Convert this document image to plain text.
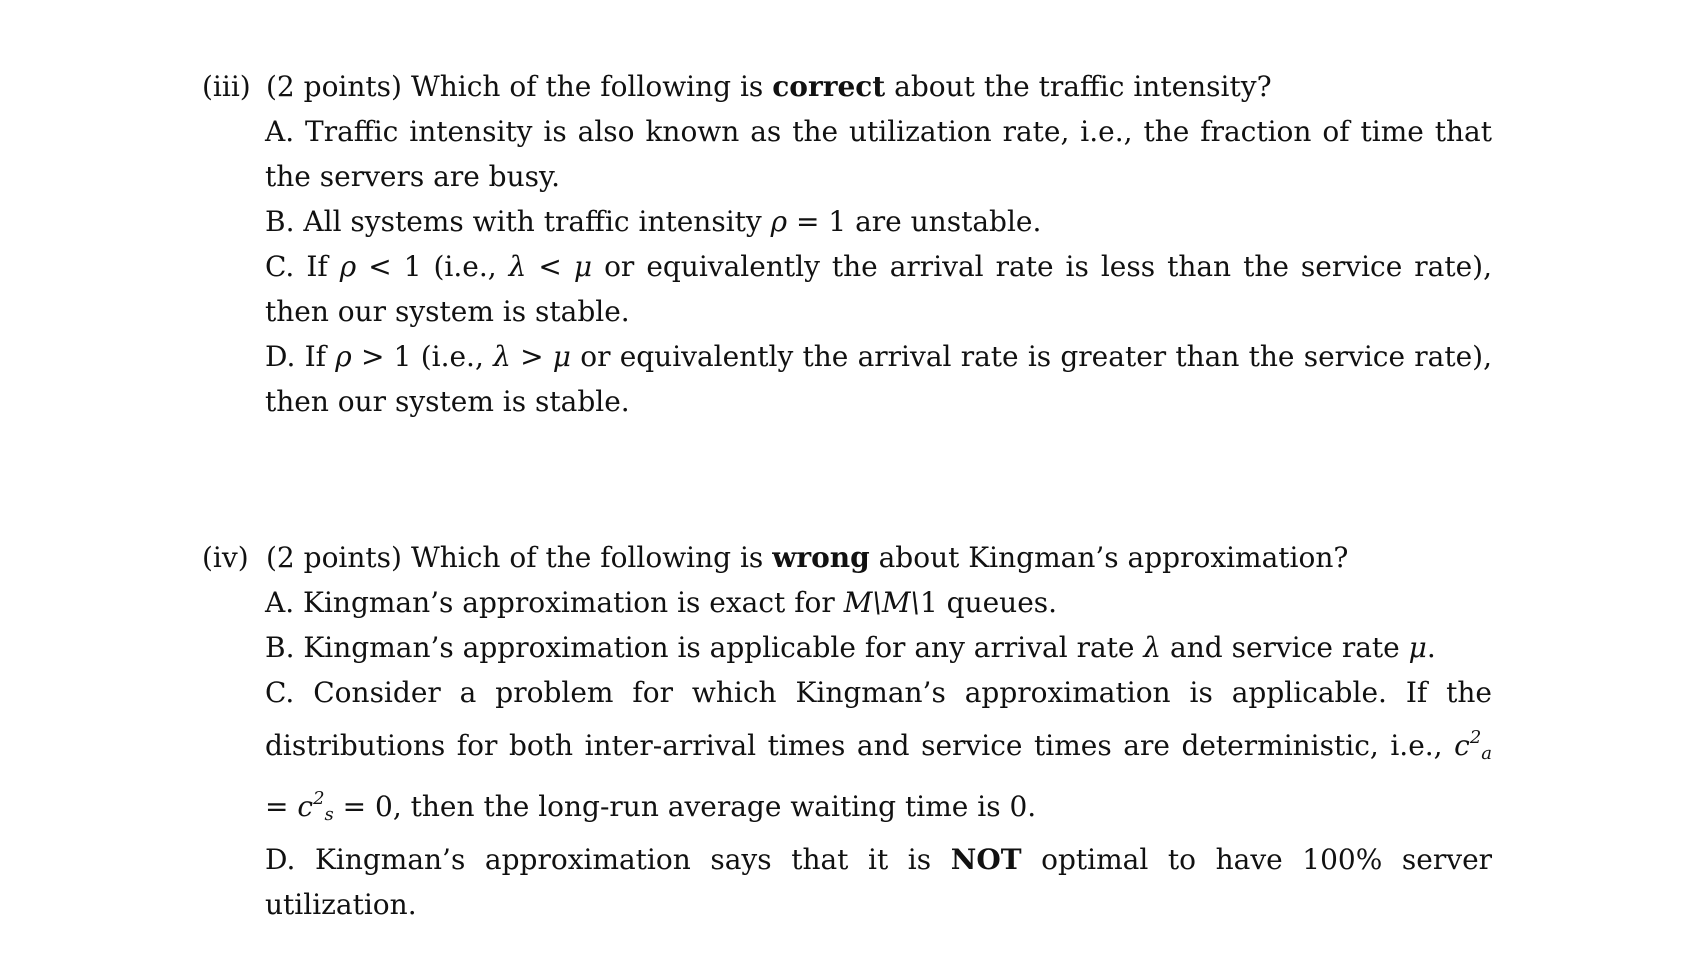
(iii) (2 points) Which of the following is correct about the traffic intensity?
A. Traffic intensity is also known as the utilization rate, i.e., the fraction of time that the servers are busy.
B. All systems with traffic intensity ρ = 1 are unstable.
C. If ρ < 1 (i.e., λ < μ or equivalently the arrival rate is less than the service rate), then our system is stable.
D. If ρ > 1 (i.e., λ > μ or equivalently the arrival rate is greater than the service rate), then our system is stable.
(iv) (2 points) Which of the following is wrong about Kingman’s approximation?
A. Kingman’s approximation is exact for M\M\1 queues.
B. Kingman’s approximation is applicable for any arrival rate λ and service rate μ.
C. Consider a problem for which Kingman’s approximation is applicable. If the distributions for both inter-arrival times and service times are deterministic, i.e., $c^2_a = c^2_s = 0$, then the long-run average waiting time is 0.
D. Kingman’s approximation says that it is NOT optimal to have 100% server utilization.
